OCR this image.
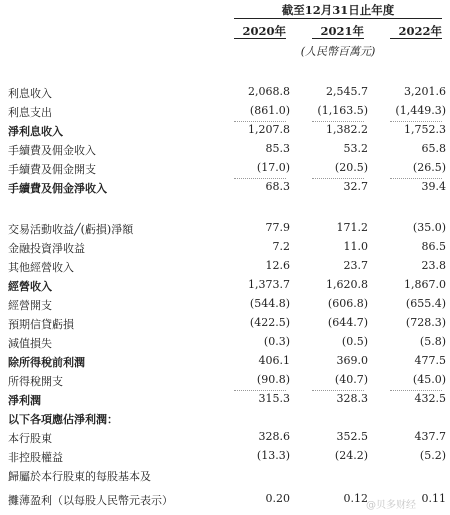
截至12月31日止年度
2020年	2021年	2022年
(人民幣百萬元)
利息收入	2,068.8	2,545.7	3,201.6
利息支出	(861.0)	(1,163.5)	(1,449.3)
淨利息收入	1,207.8	1,382.2	1,752.3
手續費及佣金收入	85.3	53.2	65.8
手續費及佣金開支	(17.0)	(20.5)	(26.5)
手續費及佣金淨收入	68.3	32.7	39.4
交易活動收益╱(虧損)淨額	77.9	171.2	(35.0)
金融投資淨收益	7.2	11.0	86.5
其他經營收入	12.6	23.7	23.8
經營收入	1,373.7	1,620.8	1,867.0
經營開支	(544.8)	(606.8)	(655.4)
預期信貸虧損	(422.5)	(644.7)	(728.3)
減值損失	(0.3)	(0.5)	(5.8)
除所得稅前利潤	406.1	369.0	477.5
所得稅開支	(90.8)	(40.7)	(45.0)
淨利潤	315.3	328.3	432.5
以下各項應佔淨利潤：
本行股東	328.6	352.5	437.7
非控股權益	(13.3)	(24.2)	(5.2)
歸屬於本行股東的每股基本及
攤薄盈利（以每股人民幣元表示）	0.20	0.12	0.11
@贝多财经
